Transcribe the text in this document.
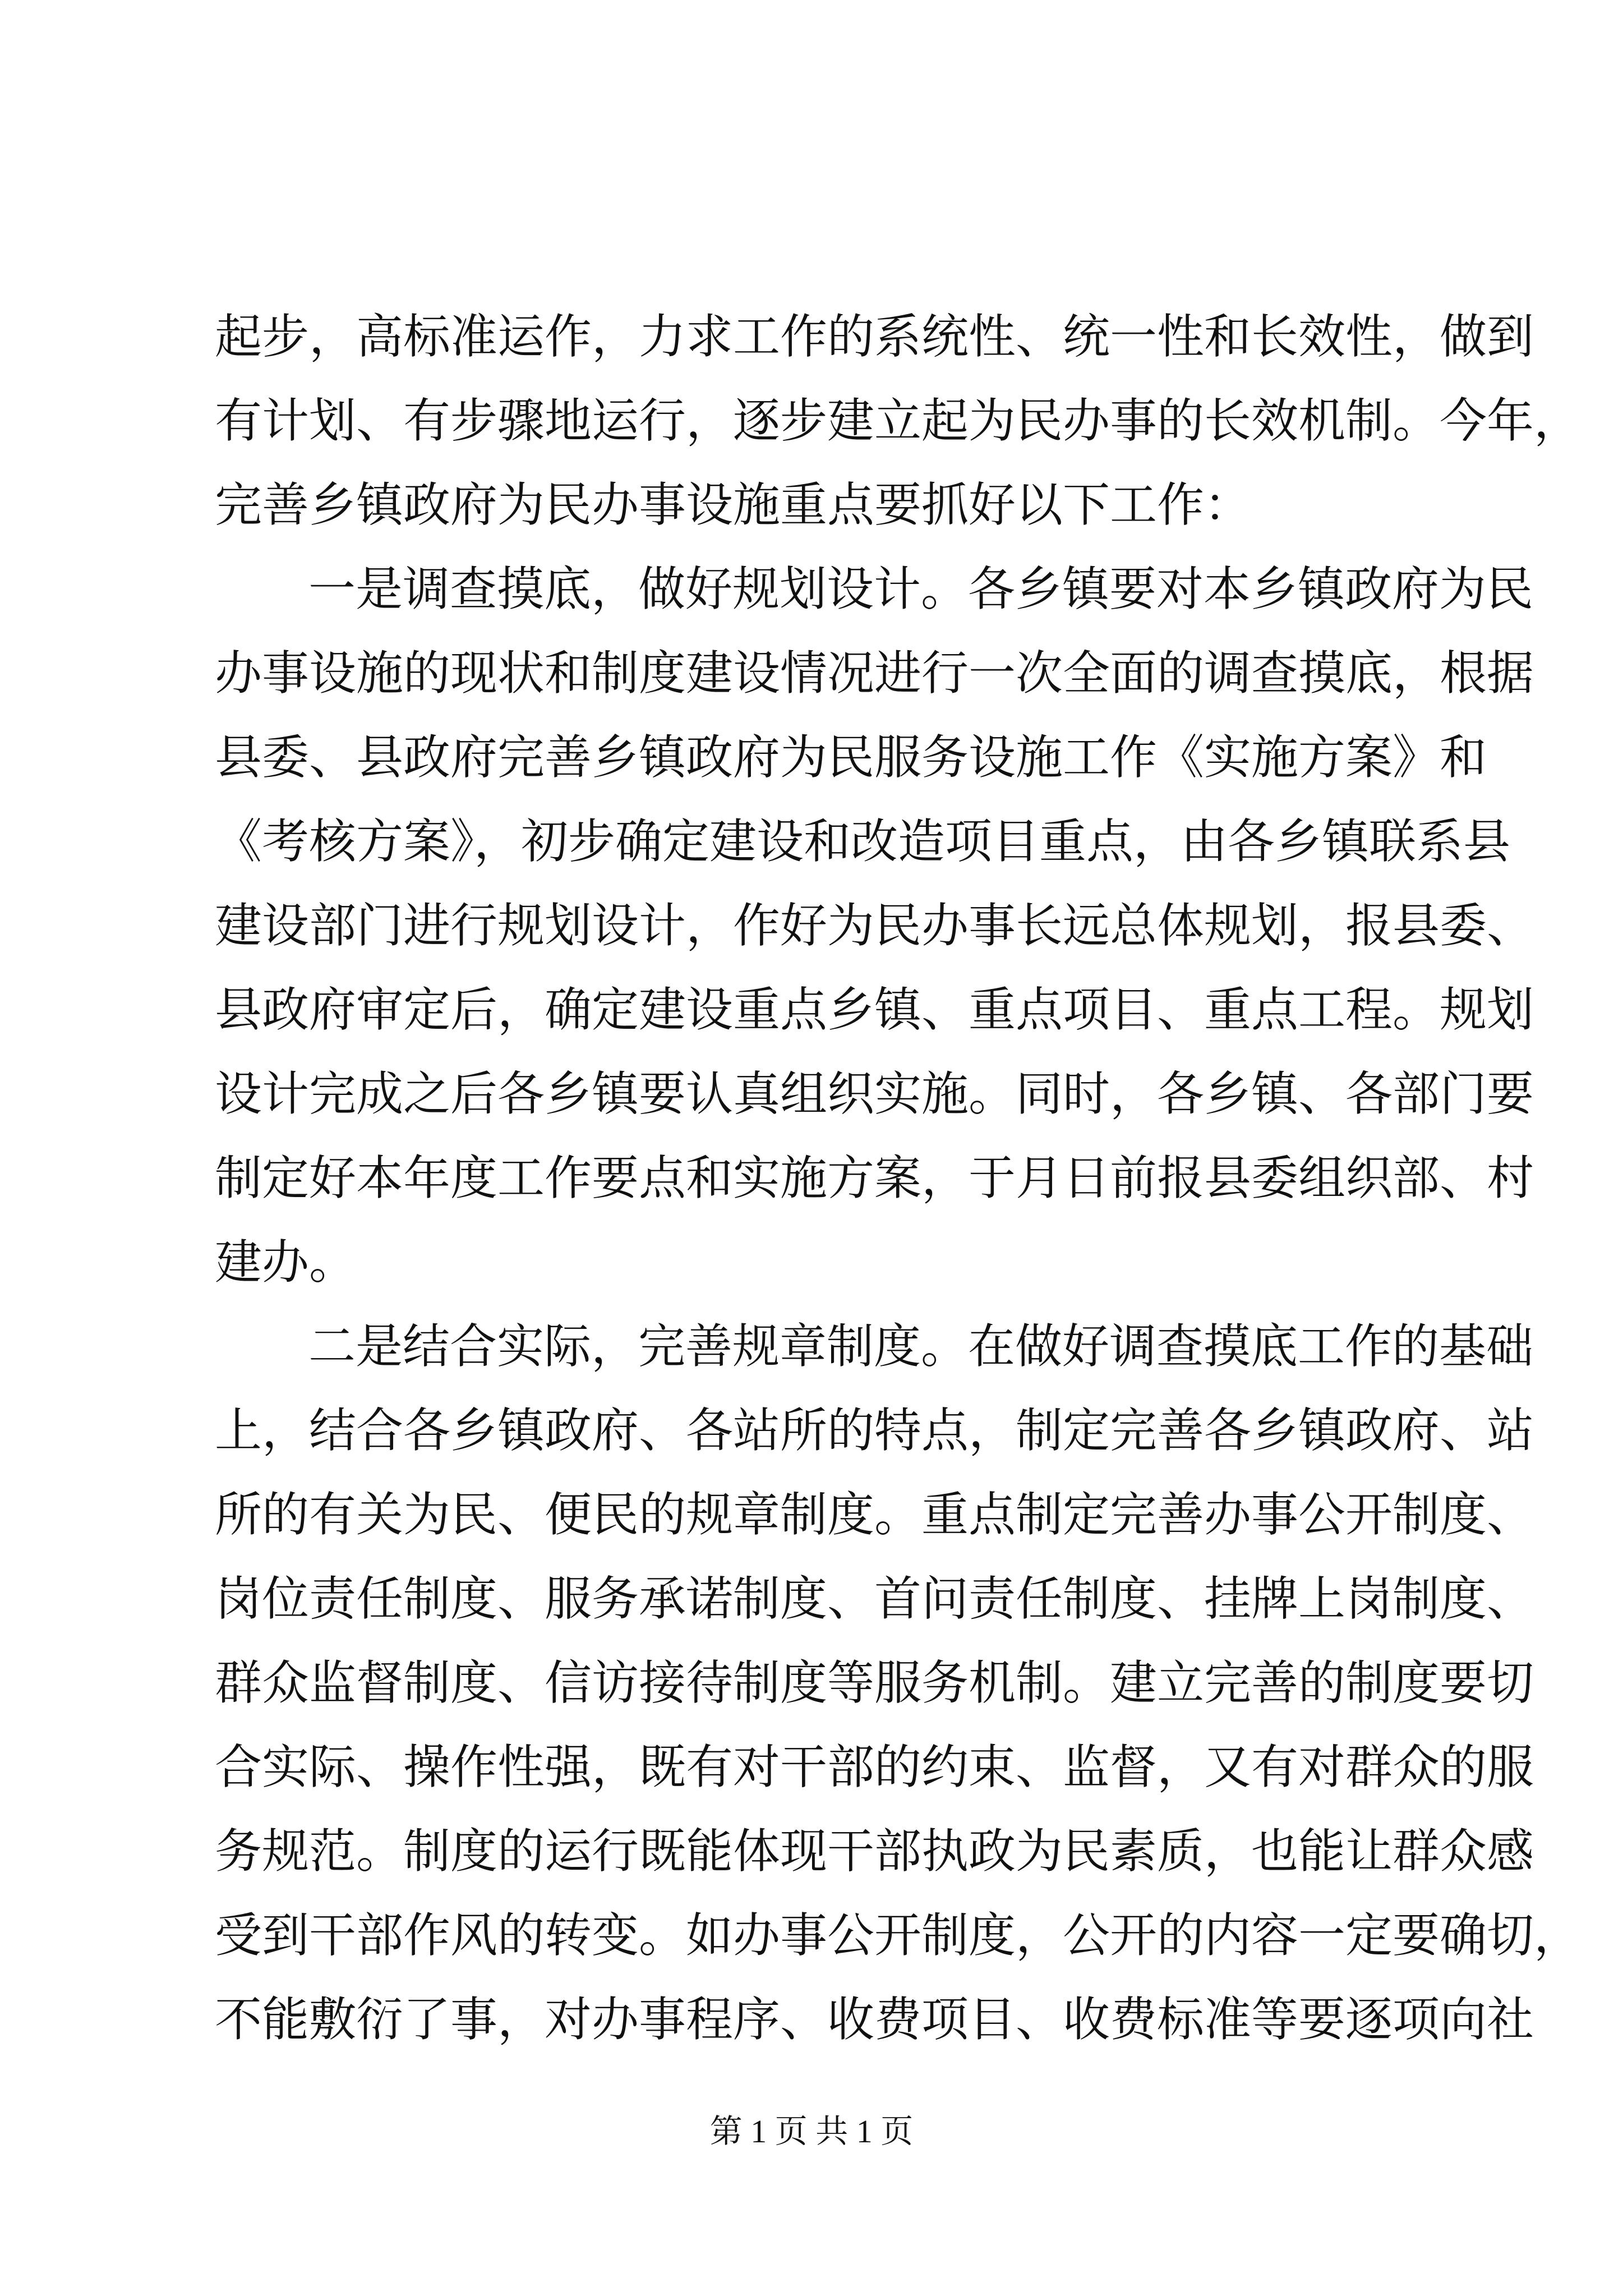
起步，高标准运作，力求工作的系统性、统一性和长效性，做到
有计划、有步骤地运行，逐步建立起为民办事的长效机制。今年，
完善乡镇政府为民办事设施重点要抓好以下工作：
一是调查摸底，做好规划设计。各乡镇要对本乡镇政府为民
办事设施的现状和制度建设情况进行一次全面的调查摸底，根据
县委、县政府完善乡镇政府为民服务设施工作《实施方案》和
《考核方案》，初步确定建设和改造项目重点，由各乡镇联系县
建设部门进行规划设计，作好为民办事长远总体规划，报县委、
县政府审定后，确定建设重点乡镇、重点项目、重点工程。规划
设计完成之后各乡镇要认真组织实施。同时，各乡镇、各部门要
制定好本年度工作要点和实施方案，于月日前报县委组织部、村
建办。
二是结合实际，完善规章制度。在做好调查摸底工作的基础
上，结合各乡镇政府、各站所的特点，制定完善各乡镇政府、站
所的有关为民、便民的规章制度。重点制定完善办事公开制度、
岗位责任制度、服务承诺制度、首问责任制度、挂牌上岗制度、
群众监督制度、信访接待制度等服务机制。建立完善的制度要切
合实际、操作性强，既有对干部的约束、监督，又有对群众的服
务规范。制度的运行既能体现干部执政为民素质，也能让群众感
受到干部作风的转变。如办事公开制度，公开的内容一定要确切，
不能敷衍了事，对办事程序、收费项目、收费标准等要逐项向社
第 1 页 共 1 页
